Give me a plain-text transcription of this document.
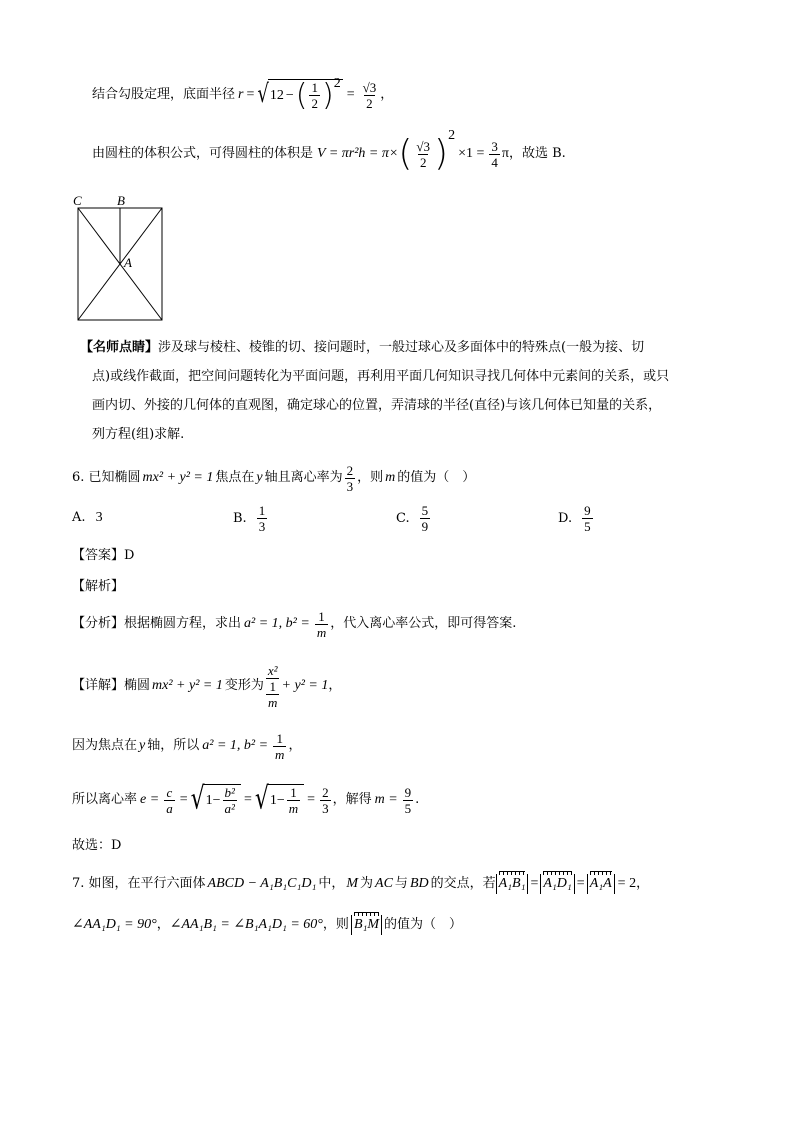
结合勾股定理，底面半径 r = √ 1 2 − ( $\frac{1}{2}$ ) 2
= $\frac{√3}{2}$ ，
由圆柱的体积公式，可得圆柱的体积是 V = πr²h = π× ( $\frac{√3}{2}$ ) 2
$\times 1 = \frac{3}{4}$ π ，故选 B.
C	B
A
【名师点睛】涉及球与棱柱、棱锥的切、接问题时，一般过球心及多面体中的特殊点(一般为接、切
点)或线作截面，把空间问题转化为平面问题，再利用平面几何知识寻找几何体中元素间的关系，或只
画内切、外接的几何体的直观图，确定球心的位置，弄清球的半径(直径)与该几何体已知量的关系，
列方程(组)求解.
6. 已知椭圆 mx² + y² = 1 焦点在 y 轴且离心率为 $\frac{2}{3}$ ，则 m 的值为（　）
A. 3	B. $\frac{1}{3}$	C. $\frac{5}{9}$	D. $\frac{9}{5}$
【答案】D
【解析】
【分析】 根据椭圆方程，求出 a² = 1, $b^2 = \frac{1}{m}$ ，代入离心率公式，即可得答案.
【详解】 椭圆 mx² + y² = 1 变形为 $\frac{\text{x²}}{\frac{1}{m}} + y^2 = 1$ ，
因为焦点在 y 轴，所以 a² = 1, $b^2 = \frac{1}{m}$ ，
所以离心率 $e = \frac{c}{a}$ = √ $1- \frac{\text{b²}}{\text{a²}}$ = √ $1- \frac{1}{m} = \frac{2}{3}$ ，解得 $m = \frac{9}{5}$ .
故选：D
7. 如图，在平行六面体 ABCD − A₁B₁C₁D₁ 中， M 为 AC 与 BD 的交点，若 A₁B₁ = A₁D₁ = A₁A = 2 ，
∠AA₁D₁ = 90° ， ∠AA₁B₁ = ∠B₁A₁D₁ = 60° ，则 B₁M 的值为（　）
